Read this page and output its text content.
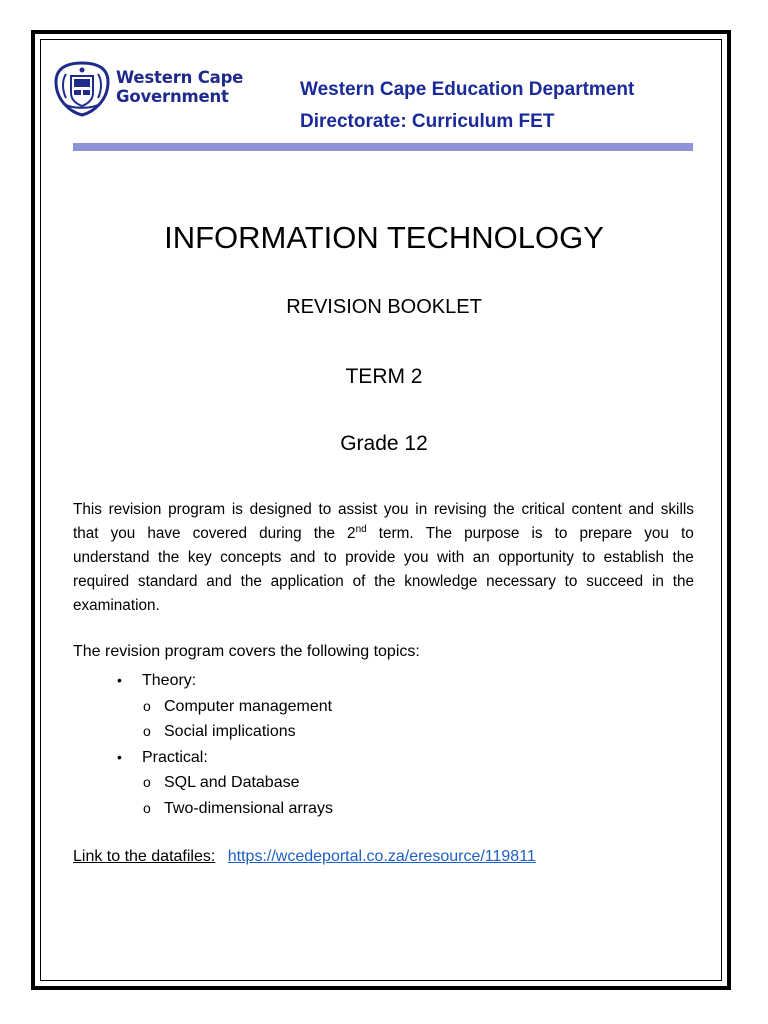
Western Cape
Government	Western Cape Education Department
Directorate: Curriculum FET
INFORMATION TECHNOLOGY
REVISION BOOKLET
TERM 2
Grade 12
This revision program is designed to assist you in revising the critical content and skills
that you have covered during the 2nd term. The purpose is to prepare you to
understand the key concepts and to provide you with an opportunity to establish the
required standard and the application of the knowledge necessary to succeed in the
examination.
The revision program covers the following topics:
• Theory:
o Computer management
o Social implications
• Practical:
o SQL and Database
o Two-dimensional arrays
Link to the datafiles: https://wcedeportal.co.za/eresource/119811
